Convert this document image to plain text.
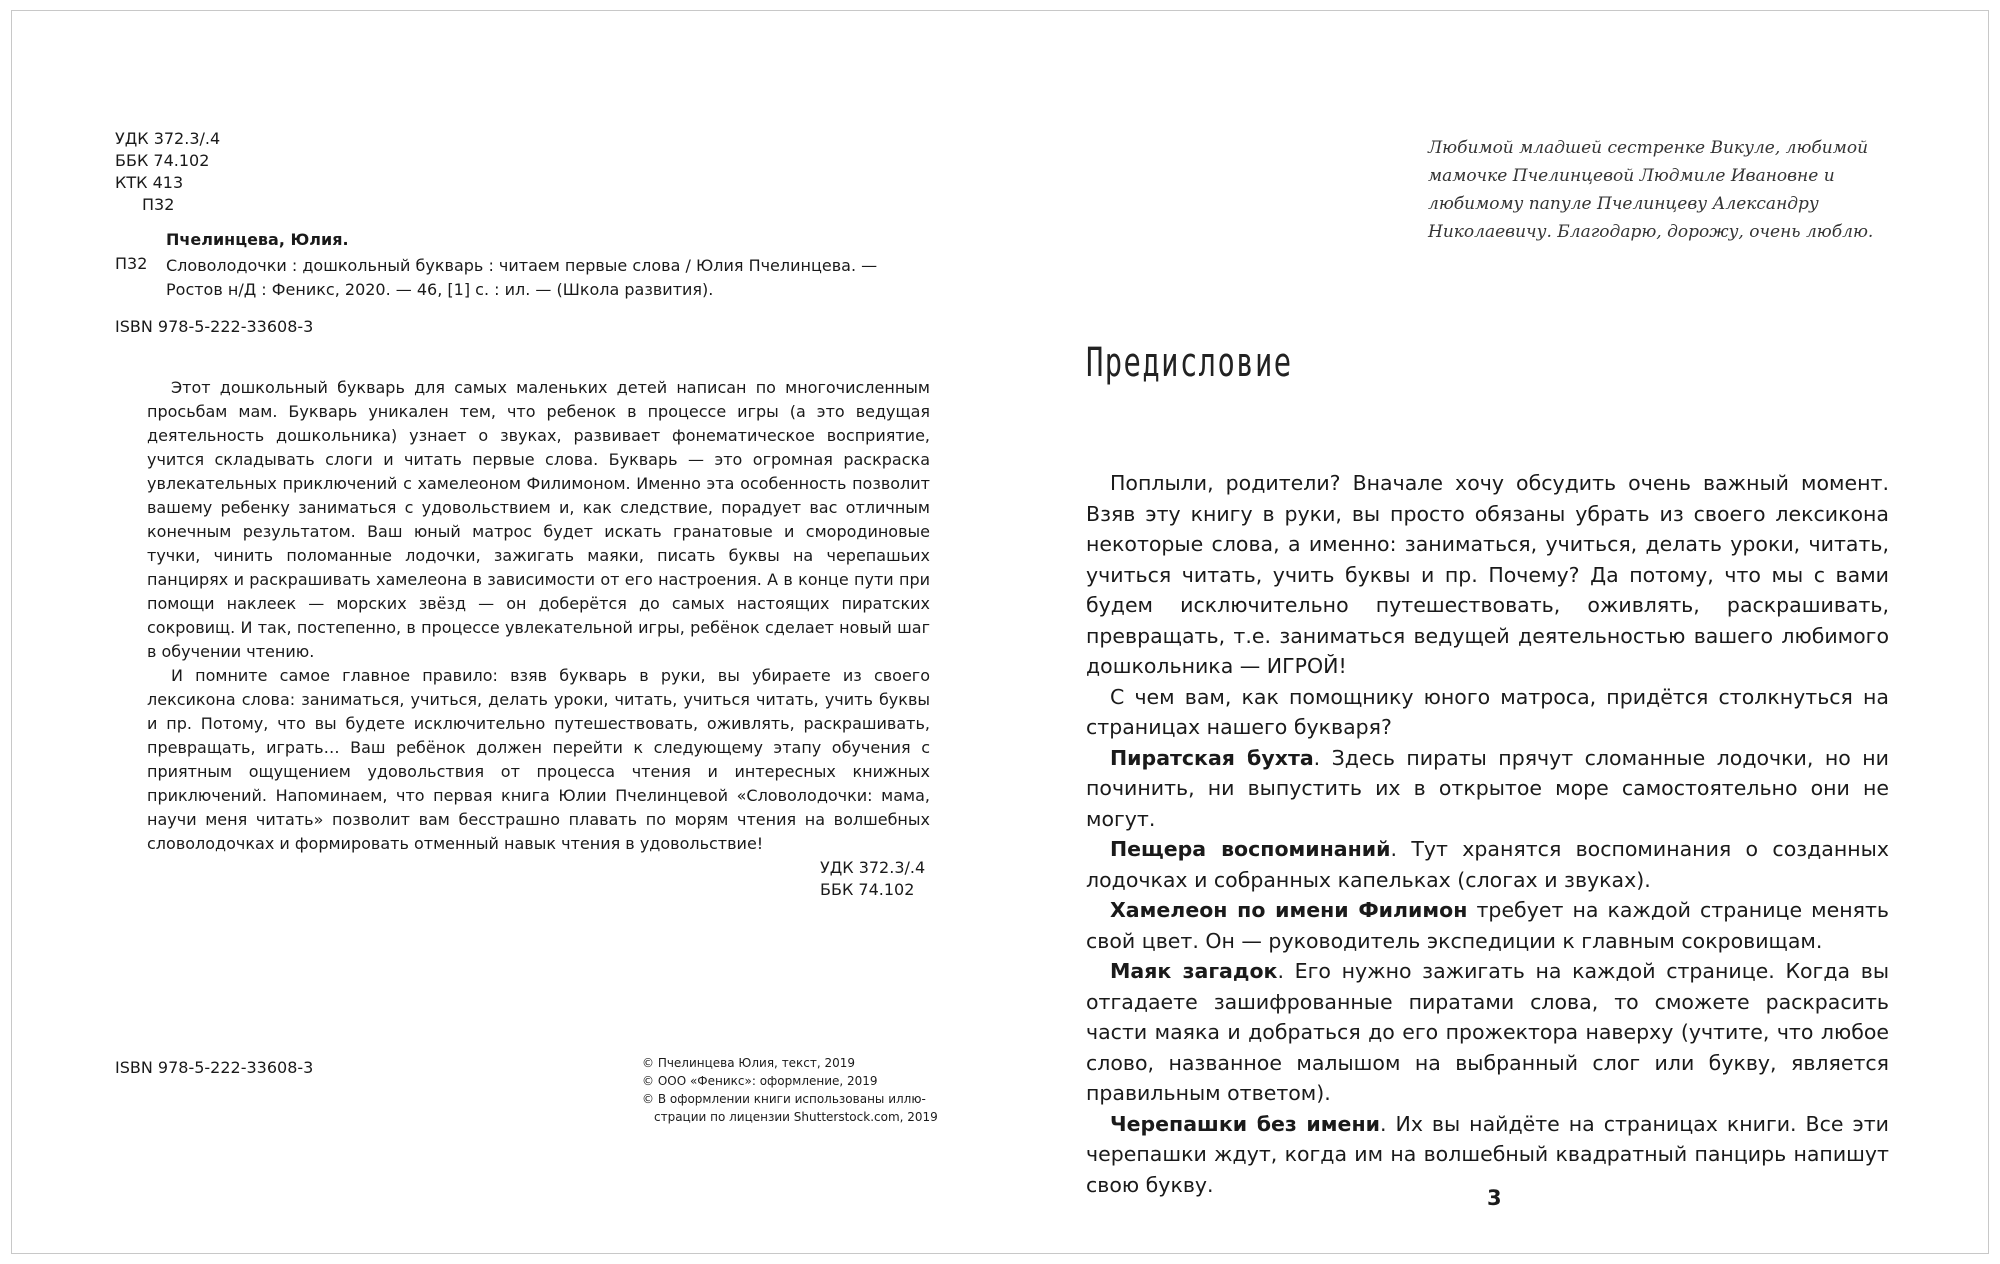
УДК 372.3/.4
ББК 74.102
КТК 413
П32
Пчелинцева, Юлия.
П32 Словолодочки : дошкольный букварь : читаем первые слова / Юлия Пчелинцева. — Ростов н/Д : Феникс, 2020. — 46, [1] с. : ил. — (Школа развития).
ISBN 978-5-222-33608-3

Этот дошкольный букварь для самых маленьких детей написан по многочисленным просьбам мам. Букварь уникален тем, что ребенок в процессе игры (а это ведущая деятельность дошкольника) узнает о звуках, развивает фонематическое восприятие, учится складывать слоги и читать первые слова. Букварь — это огромная раскраска увлекательных приключений с хамелеоном Филимоном. Именно эта особенность позволит вашему ребенку заниматься с удовольствием и, как следствие, порадует вас отличным конечным результатом. Ваш юный матрос будет искать гранатовые и смородиновые тучки, чинить поломанные лодочки, зажигать маяки, писать буквы на черепашьих панцирях и раскрашивать хамелеона в зависимости от его настроения. А в конце пути при помощи наклеек — морских звёзд — он доберётся до самых настоящих пиратских сокровищ. И так, постепенно, в процессе увлекательной игры, ребёнок сделает новый шаг в обучении чтению.

И помните самое главное правило: взяв букварь в руки, вы убираете из своего лексикона слова: заниматься, учиться, делать уроки, читать, учиться читать, учить буквы и пр. Потому, что вы будете исключительно путешествовать, оживлять, раскрашивать, превращать, играть… Ваш ребёнок должен перейти к следующему этапу обучения с приятным ощущением удовольствия от процесса чтения и интересных книжных приключений. Напоминаем, что первая книга Юлии Пчелинцевой «Словолодочки: мама, научи меня читать» позволит вам бесстрашно плавать по морям чтения на волшебных словолодочках и формировать отменный навык чтения в удовольствие!

УДК 372.3/.4
ББК 74.102
ISBN 978-5-222-33608-3	© Пчелинцева Юлия, текст, 2019
© ООО «Феникс»: оформление, 2019
© В оформлении книги использованы иллю-
страции по лицензии Shutterstock.com, 2019
Любимой младшей сестренке Викуле, любимой мамочке Пчелинцевой Людмиле Ивановне и любимому папуле Пчелинцеву Александру Николаевичу. Благодарю, дорожу, очень люблю.
Предисловие

Поплыли, родители? Вначале хочу обсудить очень важный момент. Взяв эту книгу в руки, вы просто обязаны убрать из своего лексикона некоторые слова, а именно: заниматься, учиться, делать уроки, читать, учиться читать, учить буквы и пр. Почему? Да потому, что мы с вами будем исключительно путешествовать, оживлять, раскрашивать, превращать, т.е. заниматься ведущей деятельностью вашего любимого дошкольника — ИГРОЙ!

С чем вам, как помощнику юного матроса, придётся столкнуться на страницах нашего букваря?

Пиратская бухта. Здесь пираты прячут сломанные лодочки, но ни починить, ни выпустить их в открытое море самостоятельно они не могут.

Пещера воспоминаний. Тут хранятся воспоминания о созданных лодочках и собранных капельках (слогах и звуках).

Хамелеон по имени Филимон требует на каждой странице менять свой цвет. Он — руководитель экспедиции к главным сокровищам.

Маяк загадок. Его нужно зажигать на каждой странице. Когда вы отгадаете зашифрованные пиратами слова, то сможете раскрасить части маяка и добраться до его прожектора наверху (учтите, что любое слово, названное малышом на выбранный слог или букву, является правильным ответом).

Черепашки без имени. Их вы найдёте на страницах книги. Все эти черепашки ждут, когда им на волшебный квадратный панцирь напишут свою букву.

3
